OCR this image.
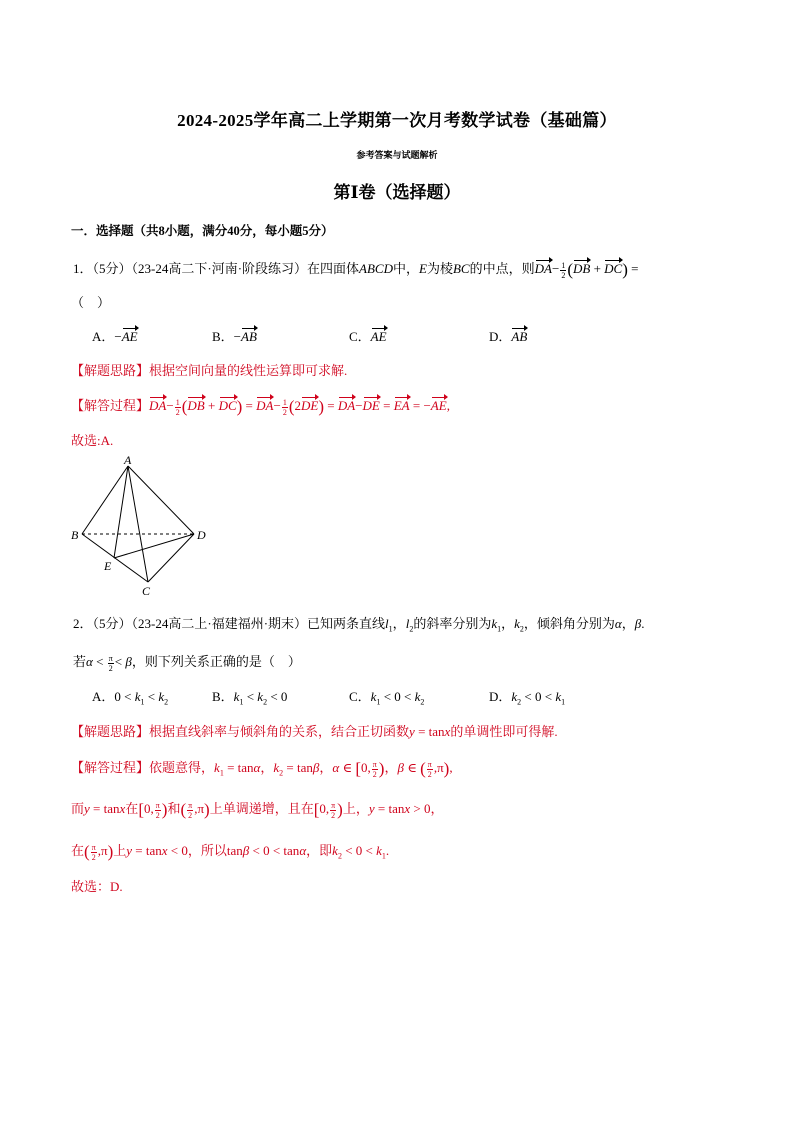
2024-2025学年高二上学期第一次月考数学试卷（基础篇）
参考答案与试题解析
第Ⅰ卷（选择题）
一．选择题（共8小题，满分40分，每小题5分）
1．（5分）（23-24高二下·河南·阶段练习）在四面体ABCD中，E为棱BC的中点，则$DA- \frac{1}{2} (DB + DC)$ =
（　）
A．−AE	B．−AB	C．AE	D．AB
【解题思路】根据空间向量的线性运算即可求解.
【解答过程】$DA- \frac{1}{2} (DB + DC) = DA- \frac{1}{2} (2DE) = DA-DE$ = EA = −AE,
故选:A.
A
B	D
E
C
2．（5分）（23-24高二上·福建福州·期末）已知两条直线$l_1$，$l_2$的斜率分别为$k_1$，$k_2$，倾斜角分别为α，β.
若$\alpha < \frac{\pi}{2} < \beta$，则下列关系正确的是（　）
A．$0 < k_1 < k_2$	B．$k_1 < k_2 < 0$	C．$k_1 < 0 < k_2$	D．$k_2 < 0 < k_1$
【解题思路】根据直线斜率与倾斜角的关系，结合正切函数y = tanx的单调性即可得解.
【解答过程】依题意得，$k_1 = \tan\alpha$，$k_2 = \tan\beta$，α ∈ [0, $\frac{\pi}{2}$ )，β ∈ ( $\frac{\pi}{2} ,\pi$),
而y = tanx在[0, $\frac{\pi}{2}$ )和( $\frac{\pi}{2} ,\pi$)上单调递增，且在[0, $\frac{\pi}{2}$ )上，y = tanx > 0，
在( $\frac{\pi}{2} ,\pi$)上y = tanx < 0，所以tanβ < 0 < tanα，即$k_2 < 0 < k_1$.
故选：D.
